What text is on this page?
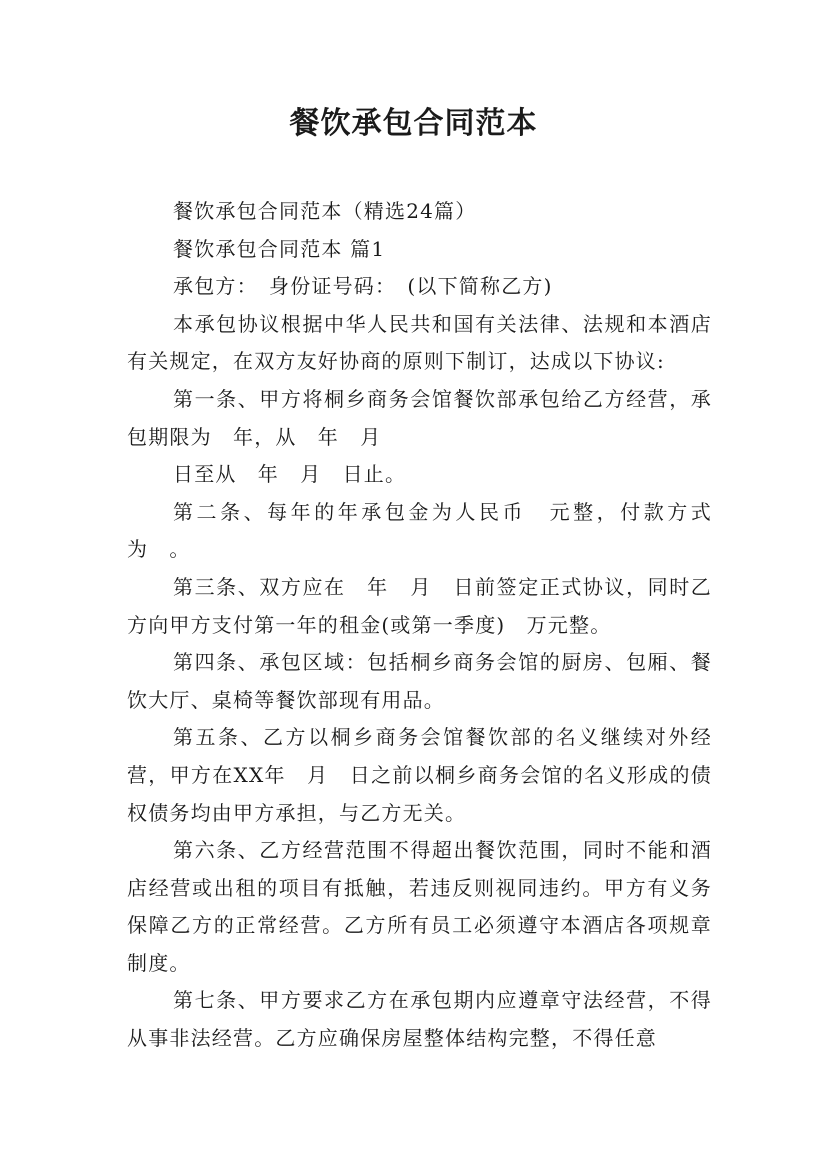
餐饮承包合同范本

餐饮承包合同范本（精选24篇）

餐饮承包合同范本 篇1

承包方：　身份证号码：　(以下简称乙方)

本承包协议根据中华人民共和国有关法律、法规和本酒店有关规定，在双方友好协商的原则下制订，达成以下协议:

第一条、甲方将桐乡商务会馆餐饮部承包给乙方经营，承包期限为　年，从　年　月

日至从　年　月　日止。

第二条、每年的年承包金为人民币　元整，付款方式为　。

第三条、双方应在　年　月　日前签定正式协议，同时乙方向甲方支付第一年的租金(或第一季度)　万元整。

第四条、承包区域：包括桐乡商务会馆的厨房、包厢、餐饮大厅、桌椅等餐饮部现有用品。

第五条、乙方以桐乡商务会馆餐饮部的名义继续对外经营，甲方在XX年　月　日之前以桐乡商务会馆的名义形成的债权债务均由甲方承担，与乙方无关。

第六条、乙方经营范围不得超出餐饮范围，同时不能和酒店经营或出租的项目有抵触，若违反则视同违约。甲方有义务保障乙方的正常经营。乙方所有员工必须遵守本酒店各项规章制度。

第七条、甲方要求乙方在承包期内应遵章守法经营，不得从事非法经营。乙方应确保房屋整体结构完整，不得任意
